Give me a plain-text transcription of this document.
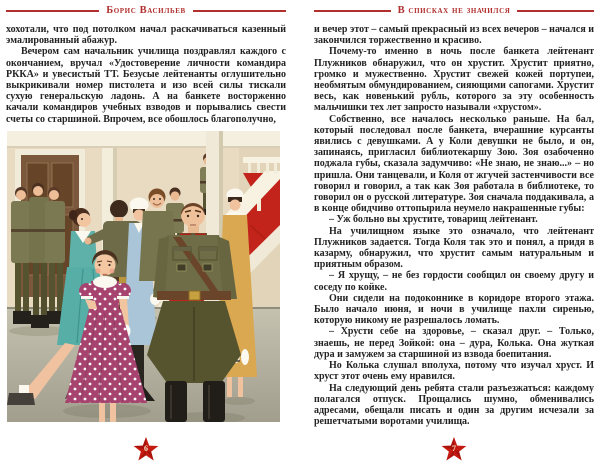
Борис Васильев

хохотали, что под потолком начал раскачиваться казенный эмалированный абажур.

Вечером сам начальник училища поздравлял каждого с окончанием, вручал «Удостоверение личности командира РККА» и увесистый ТТ. Безусые лейтенанты оглушительно выкрикивали номер пистолета и изо всей силы тискали сухую генеральскую ладонь. А на банкете восторженно качали командиров учебных взводов и порывались свести счеты со старшиной. Впрочем, все обошлось благополучно,

6
В списках не значился

и вечер этот – самый прекрасный из всех вечеров – начался и закончился торжественно и красиво.

Почему-то именно в ночь после банкета лейтенант Плужников обнаружил, что он хрустит. Хрустит приятно, громко и мужественно. Хрустит свежей кожей портупеи, необмятым обмундированием, сияющими сапогами. Хрустит весь, как новенький рубль, которого за эту особенность мальчишки тех лет запросто называли «хрустом».

Собственно, все началось несколько раньше. На бал, который последовал после банкета, вчерашние курсанты явились с девушками. А у Коли девушки не было, и он, запинаясь, пригласил библиотекаршу Зою. Зоя озабоченно поджала губы, сказала задумчиво: «Не знаю, не знаю...» – но пришла. Они танцевали, и Коля от жгучей застенчивости все говорил и говорил, а так как Зоя работала в библиотеке, то говорил он о русской литературе. Зоя сначала поддакивала, а в конце обидчиво оттопырила неумело накрашенные губы:

– Уж больно вы хрустите, товарищ лейтенант.

На училищном языке это означало, что лейтенант Плужников задается. Тогда Коля так это и понял, а придя в казарму, обнаружил, что хрустит самым натуральным и приятным образом.

– Я хрущу, – не без гордости сообщил он своему другу и соседу по койке.

Они сидели на подоконнике в коридоре второго этажа. Было начало июня, и ночи в училище пахли сиренью, которую никому не разрешалось ломать.

– Хрусти себе на здоровье, – сказал друг. – Только, знаешь, не перед Зойкой: она – дура, Колька. Она жуткая дура и замужем за старшиной из взвода боепитания.

Но Колька слушал вполуха, потому что изучал хруст. И хруст этот очень ему нравился.

На следующий день ребята стали разъезжаться: каждому полагался отпуск. Прощались шумно, обменивались адресами, обещали писать и один за другим исчезали за решетчатыми воротами училища.

7
